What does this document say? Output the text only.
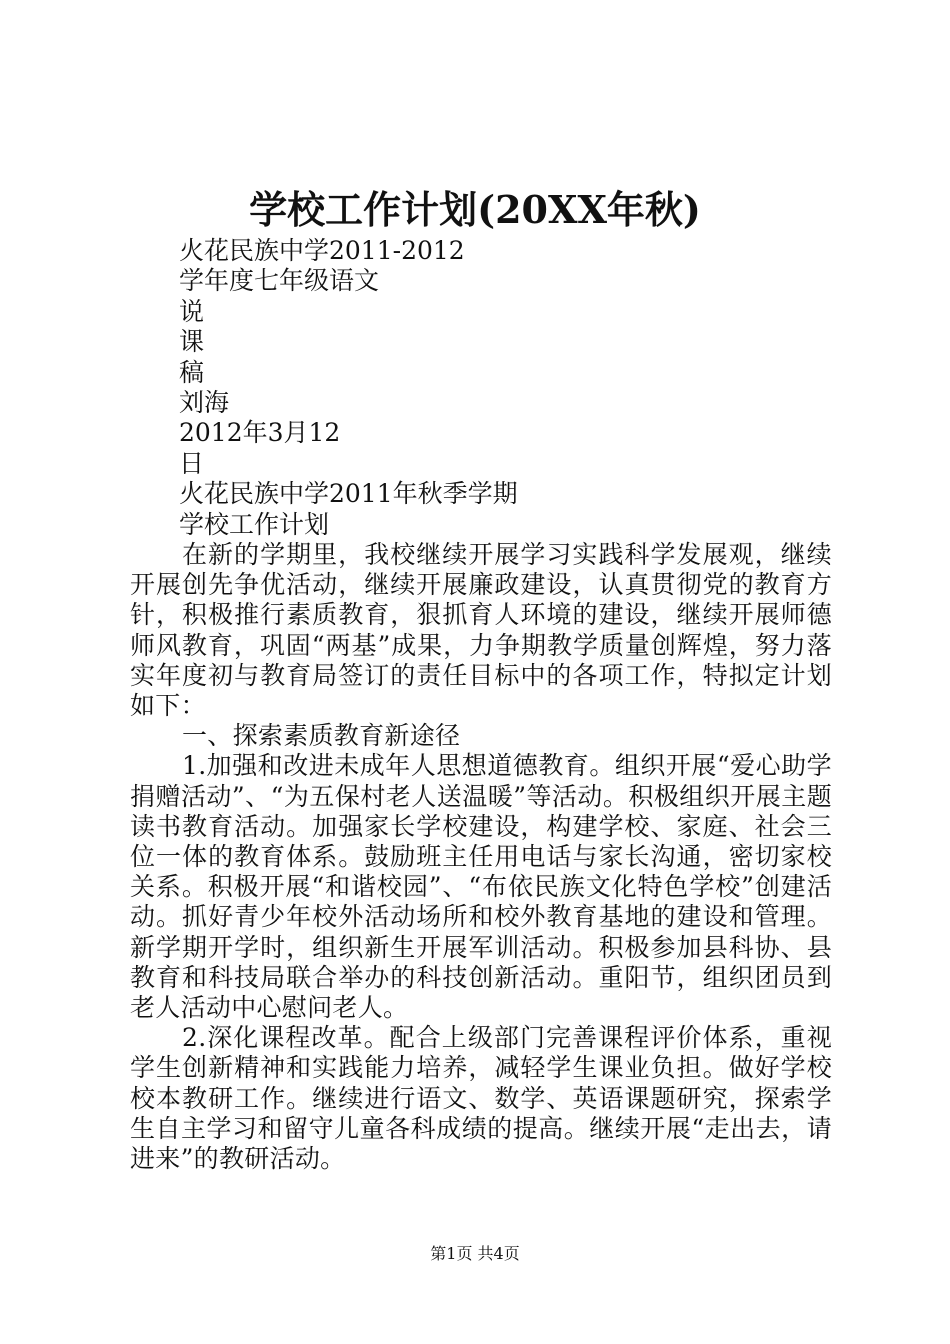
学校工作计划(20XX年秋)
火花民族中学2011-2012
学年度七年级语文
说
课
稿
刘海
2012年3月12
日
火花民族中学2011年秋季学期
学校工作计划

在新的学期里，我校继续开展学习实践科学发展观，继续开展创先争优活动，继续开展廉政建设，认真贯彻党的教育方针，积极推行素质教育，狠抓育人环境的建设，继续开展师德师风教育，巩固“两基”成果，力争期教学质量创辉煌，努力落实年度初与教育局签订的责任目标中的各项工作，特拟定计划如下：

一、探索素质教育新途径

1.加强和改进未成年人思想道德教育。组织开展“爱心助学捐赠活动”、“为五保村老人送温暖”等活动。积极组织开展主题读书教育活动。加强家长学校建设，构建学校、家庭、社会三位一体的教育体系。鼓励班主任用电话与家长沟通，密切家校关系。积极开展“和谐校园”、“布依民族文化特色学校”创建活动。抓好青少年校外活动场所和校外教育基地的建设和管理。新学期开学时，组织新生开展军训活动。积极参加县科协、县教育和科技局联合举办的科技创新活动。重阳节，组织团员到老人活动中心慰问老人。

2.深化课程改革。配合上级部门完善课程评价体系，重视学生创新精神和实践能力培养，减轻学生课业负担。做好学校校本教研工作。继续进行语文、数学、英语课题研究，探索学生自主学习和留守儿童各科成绩的提高。继续开展“走出去，请进来”的教研活动。

第1页 共4页
